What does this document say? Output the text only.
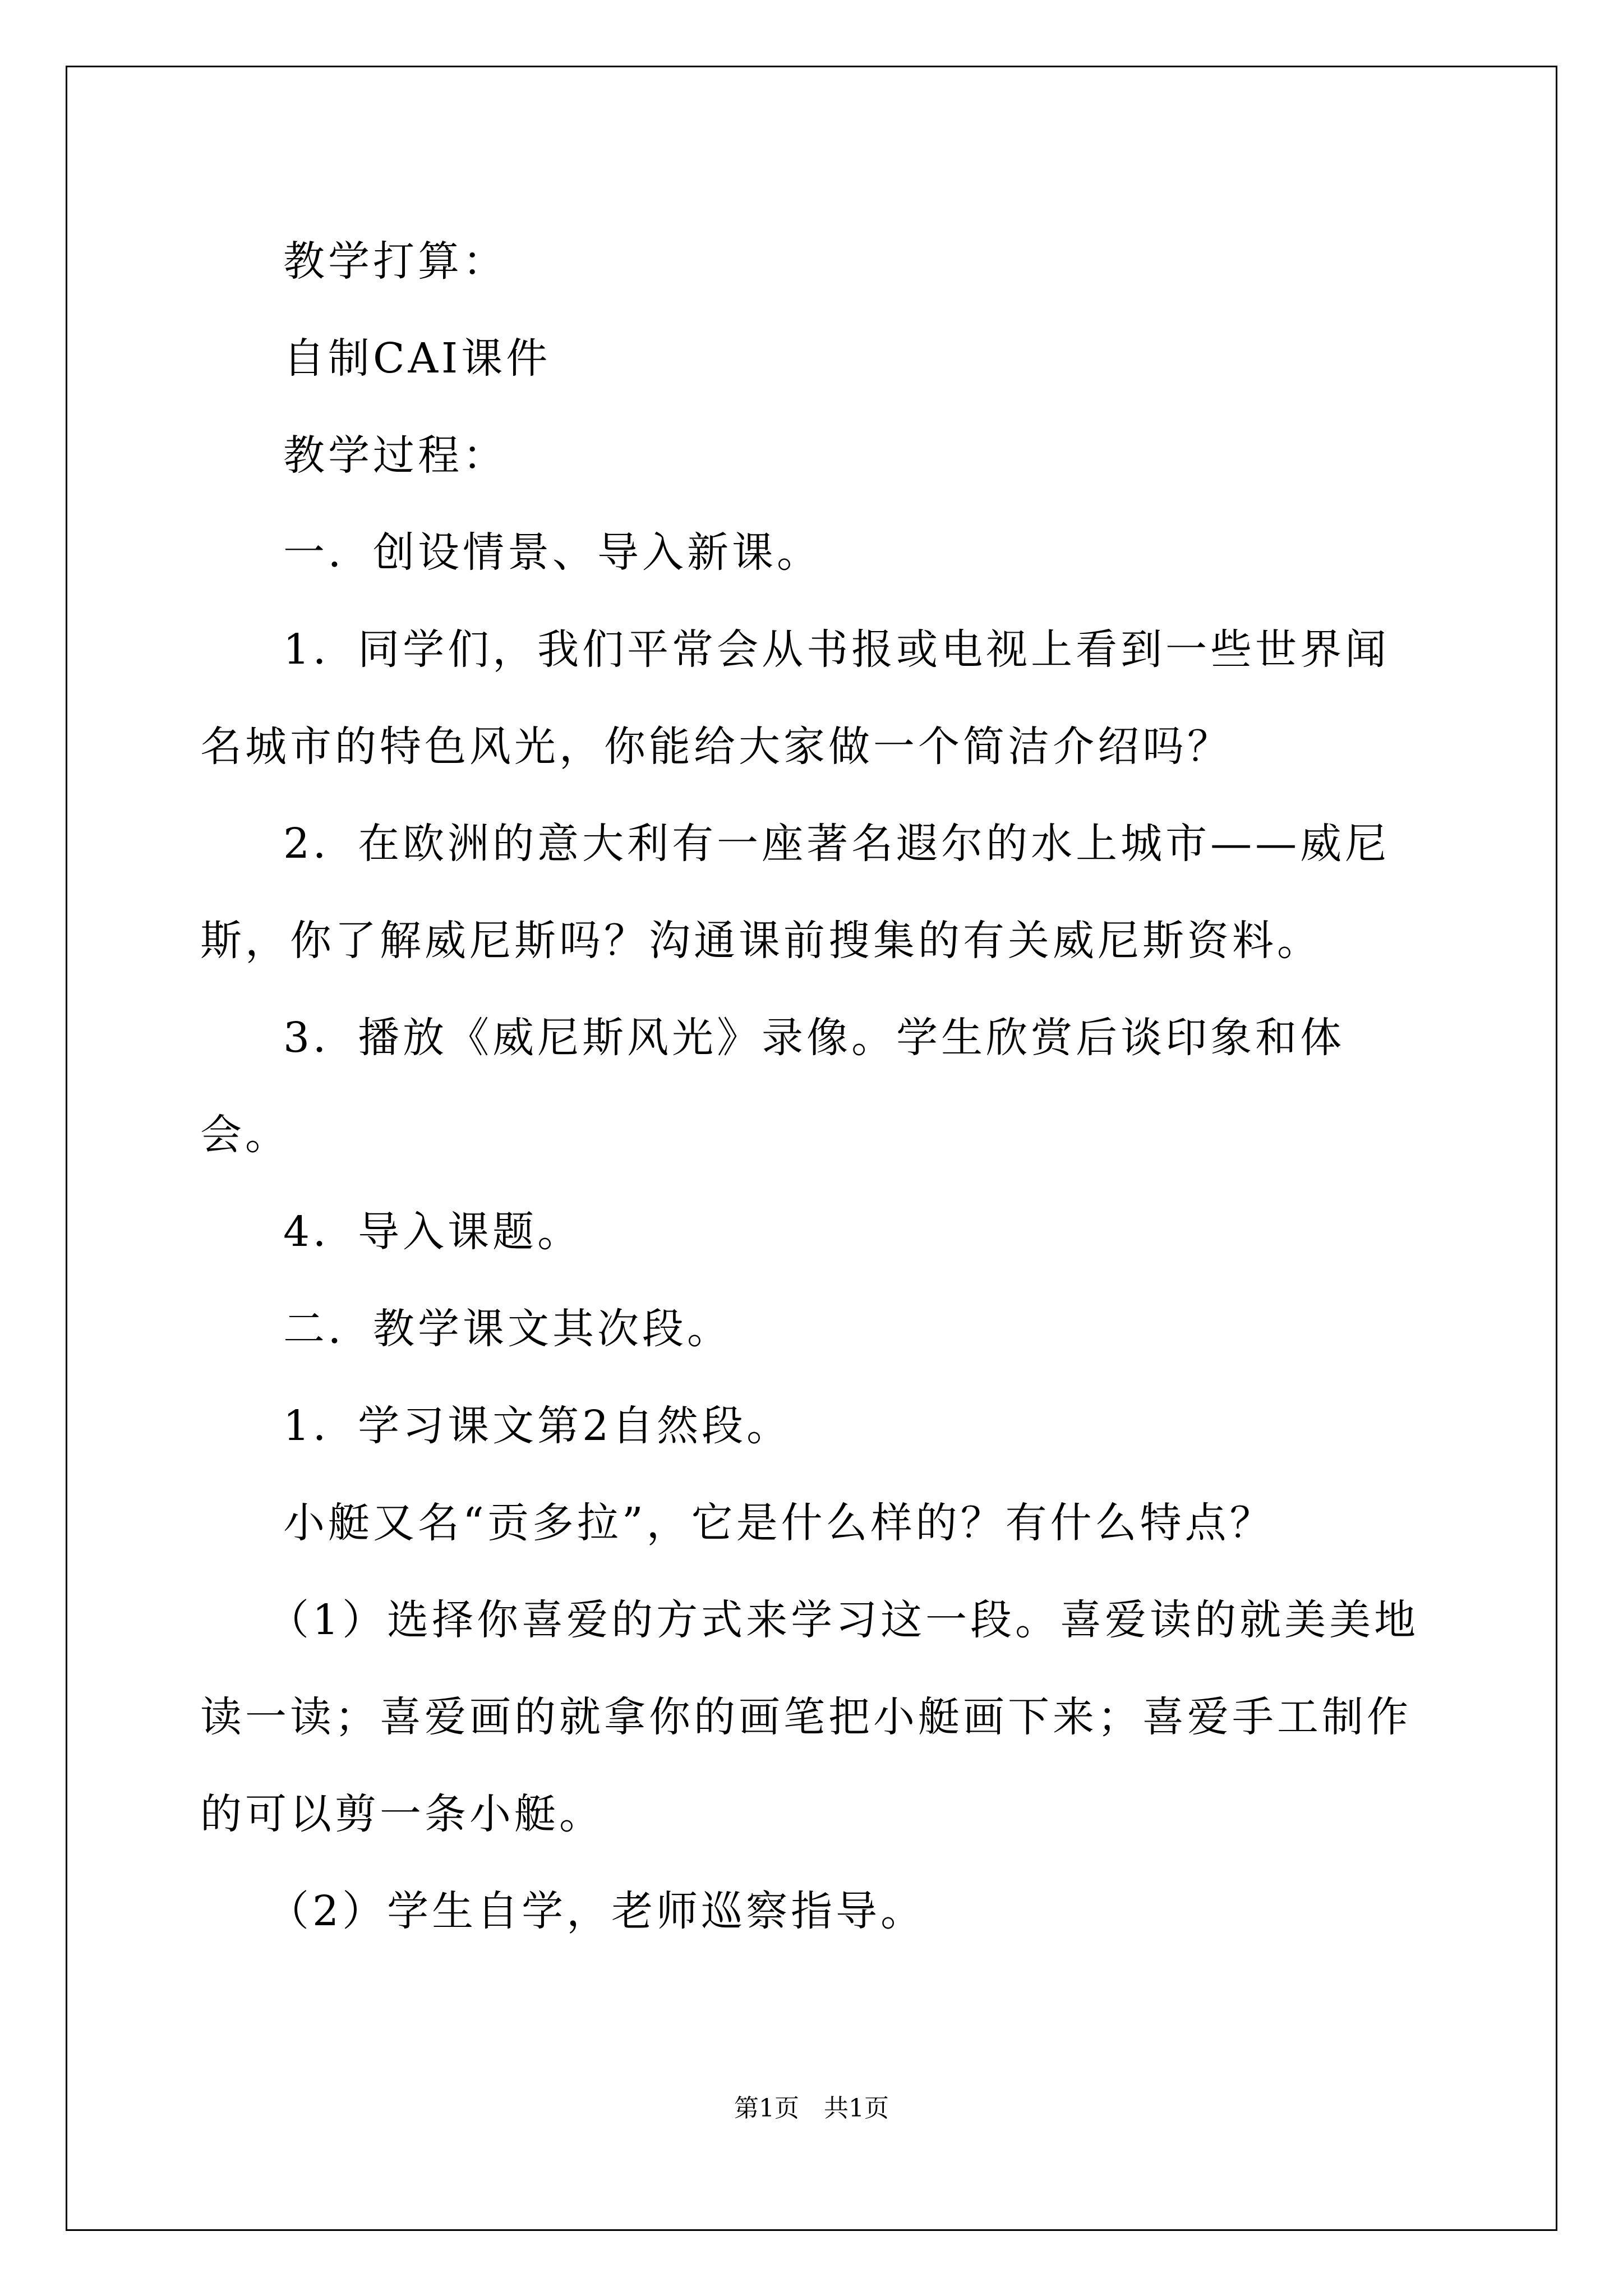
教学打算：

自制CAI课件

教学过程：

一．创设情景、导入新课。

1．同学们，我们平常会从书报或电视上看到一些世界闻名城市的特色风光，你能给大家做一个简洁介绍吗？

2．在欧洲的意大利有一座著名遐尔的水上城市——威尼斯，你了解威尼斯吗？沟通课前搜集的有关威尼斯资料。

3．播放《威尼斯风光》录像。学生欣赏后谈印象和体会。

4．导入课题。

二．教学课文其次段。

1．学习课文第2自然段。

小艇又名“贡多拉”，它是什么样的？有什么特点？

（1）选择你喜爱的方式来学习这一段。喜爱读的就美美地读一读；喜爱画的就拿你的画笔把小艇画下来；喜爱手工制作的可以剪一条小艇。

（2）学生自学，老师巡察指导。

第1页　共1页
